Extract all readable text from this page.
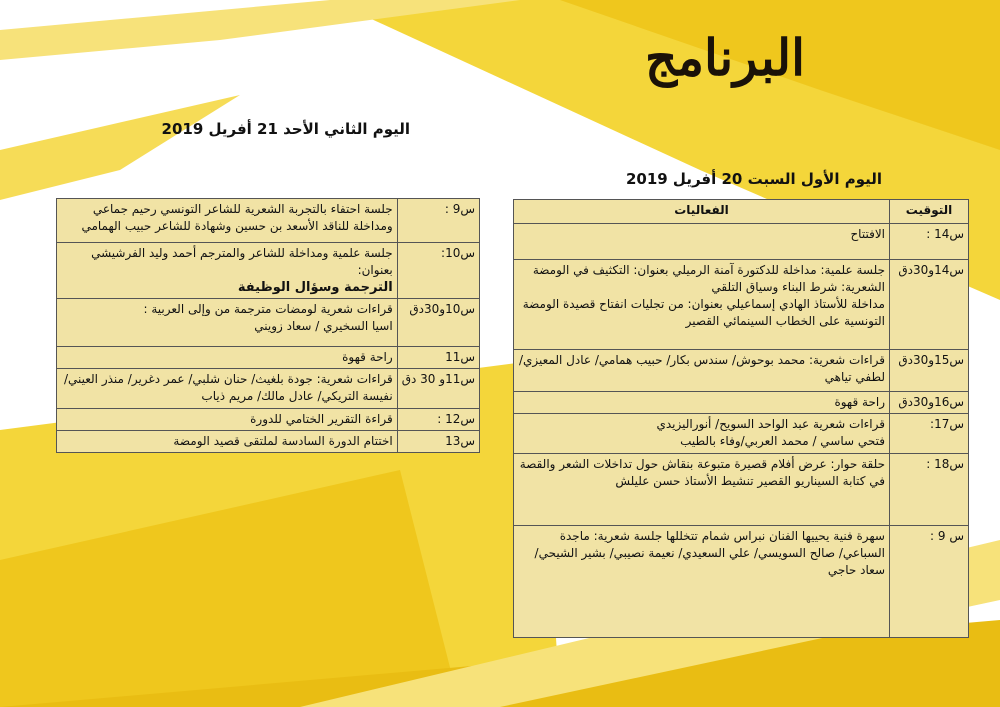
البرنامج
اليوم الثاني الأحد 21 أفريل 2019
اليوم الأول السبت 20 أفريل 2019
س9 :	جلسة احتفاء بالتجربة الشعرية للشاعر التونسي رحيم جماعي
ومداخلة للناقد الأسعد بن حسين وشهادة للشاعر حبيب الهمامي

س10:	جلسة علمية ومداخلة للشاعر والمترجم أحمد وليد الفرشيشي بعنوان:
الترجمة وسؤال الوظيفة

س10و30دق	قراءات شعرية لومضات مترجمة من وإلى العربية :
اسيا السخيري / سعاد زويني

س11	راحة قهوة
س11و 30 دق	قراءات شعرية: جودة بلغيث/ حنان شلبي/ عمر دغرير/ منذر العيني/ نفيسة التريكي/ عادل مالك/ مريم ذياب
س12 :	قراءة التقرير الختامي للدورة
س13	اختتام الدورة السادسة لملتقى قصيد الومضة
التوقيت	الفعاليات
س14 :	الافتتاح
س14و30دق	جلسة علمية: مداخلة للدكتورة آمنة الرميلي بعنوان: التكثيف في الومضة الشعرية: شرط البناء وسياق التلقي
مداخلة للأستاذ الهادي إسماعيلي بعنوان: من تجليات انفتاح قصيدة الومضة التونسية على الخطاب السينمائي القصير

س15و30دق	قراءات شعرية: محمد بوحوش/ سندس بكار/ حبيب همامي/ عادل المعيزي/ لطفي تياهي
س16و30دق	راحة قهوة
س17:	قراءات شعرية عبد الواحد السويح/ أنوراليزيدي
فتحي ساسي / محمد العربي/وفاء بالطيب

س18 :	حلقة حوار: عرض أفلام قصيرة متبوعة بنقاش حول تداخلات الشعر والقصة في كتابة السيناريو القصير تنشيط الأستاذ حسن عليلش
س 9 :	سهرة فنية يحييها الفنان نبراس شمام تتخللها جلسة شعرية: ماجدة السباعي/ صالح السويسي/ علي السعيدي/ نعيمة نصيبي/ بشير الشيحي/ سعاد حاجي
